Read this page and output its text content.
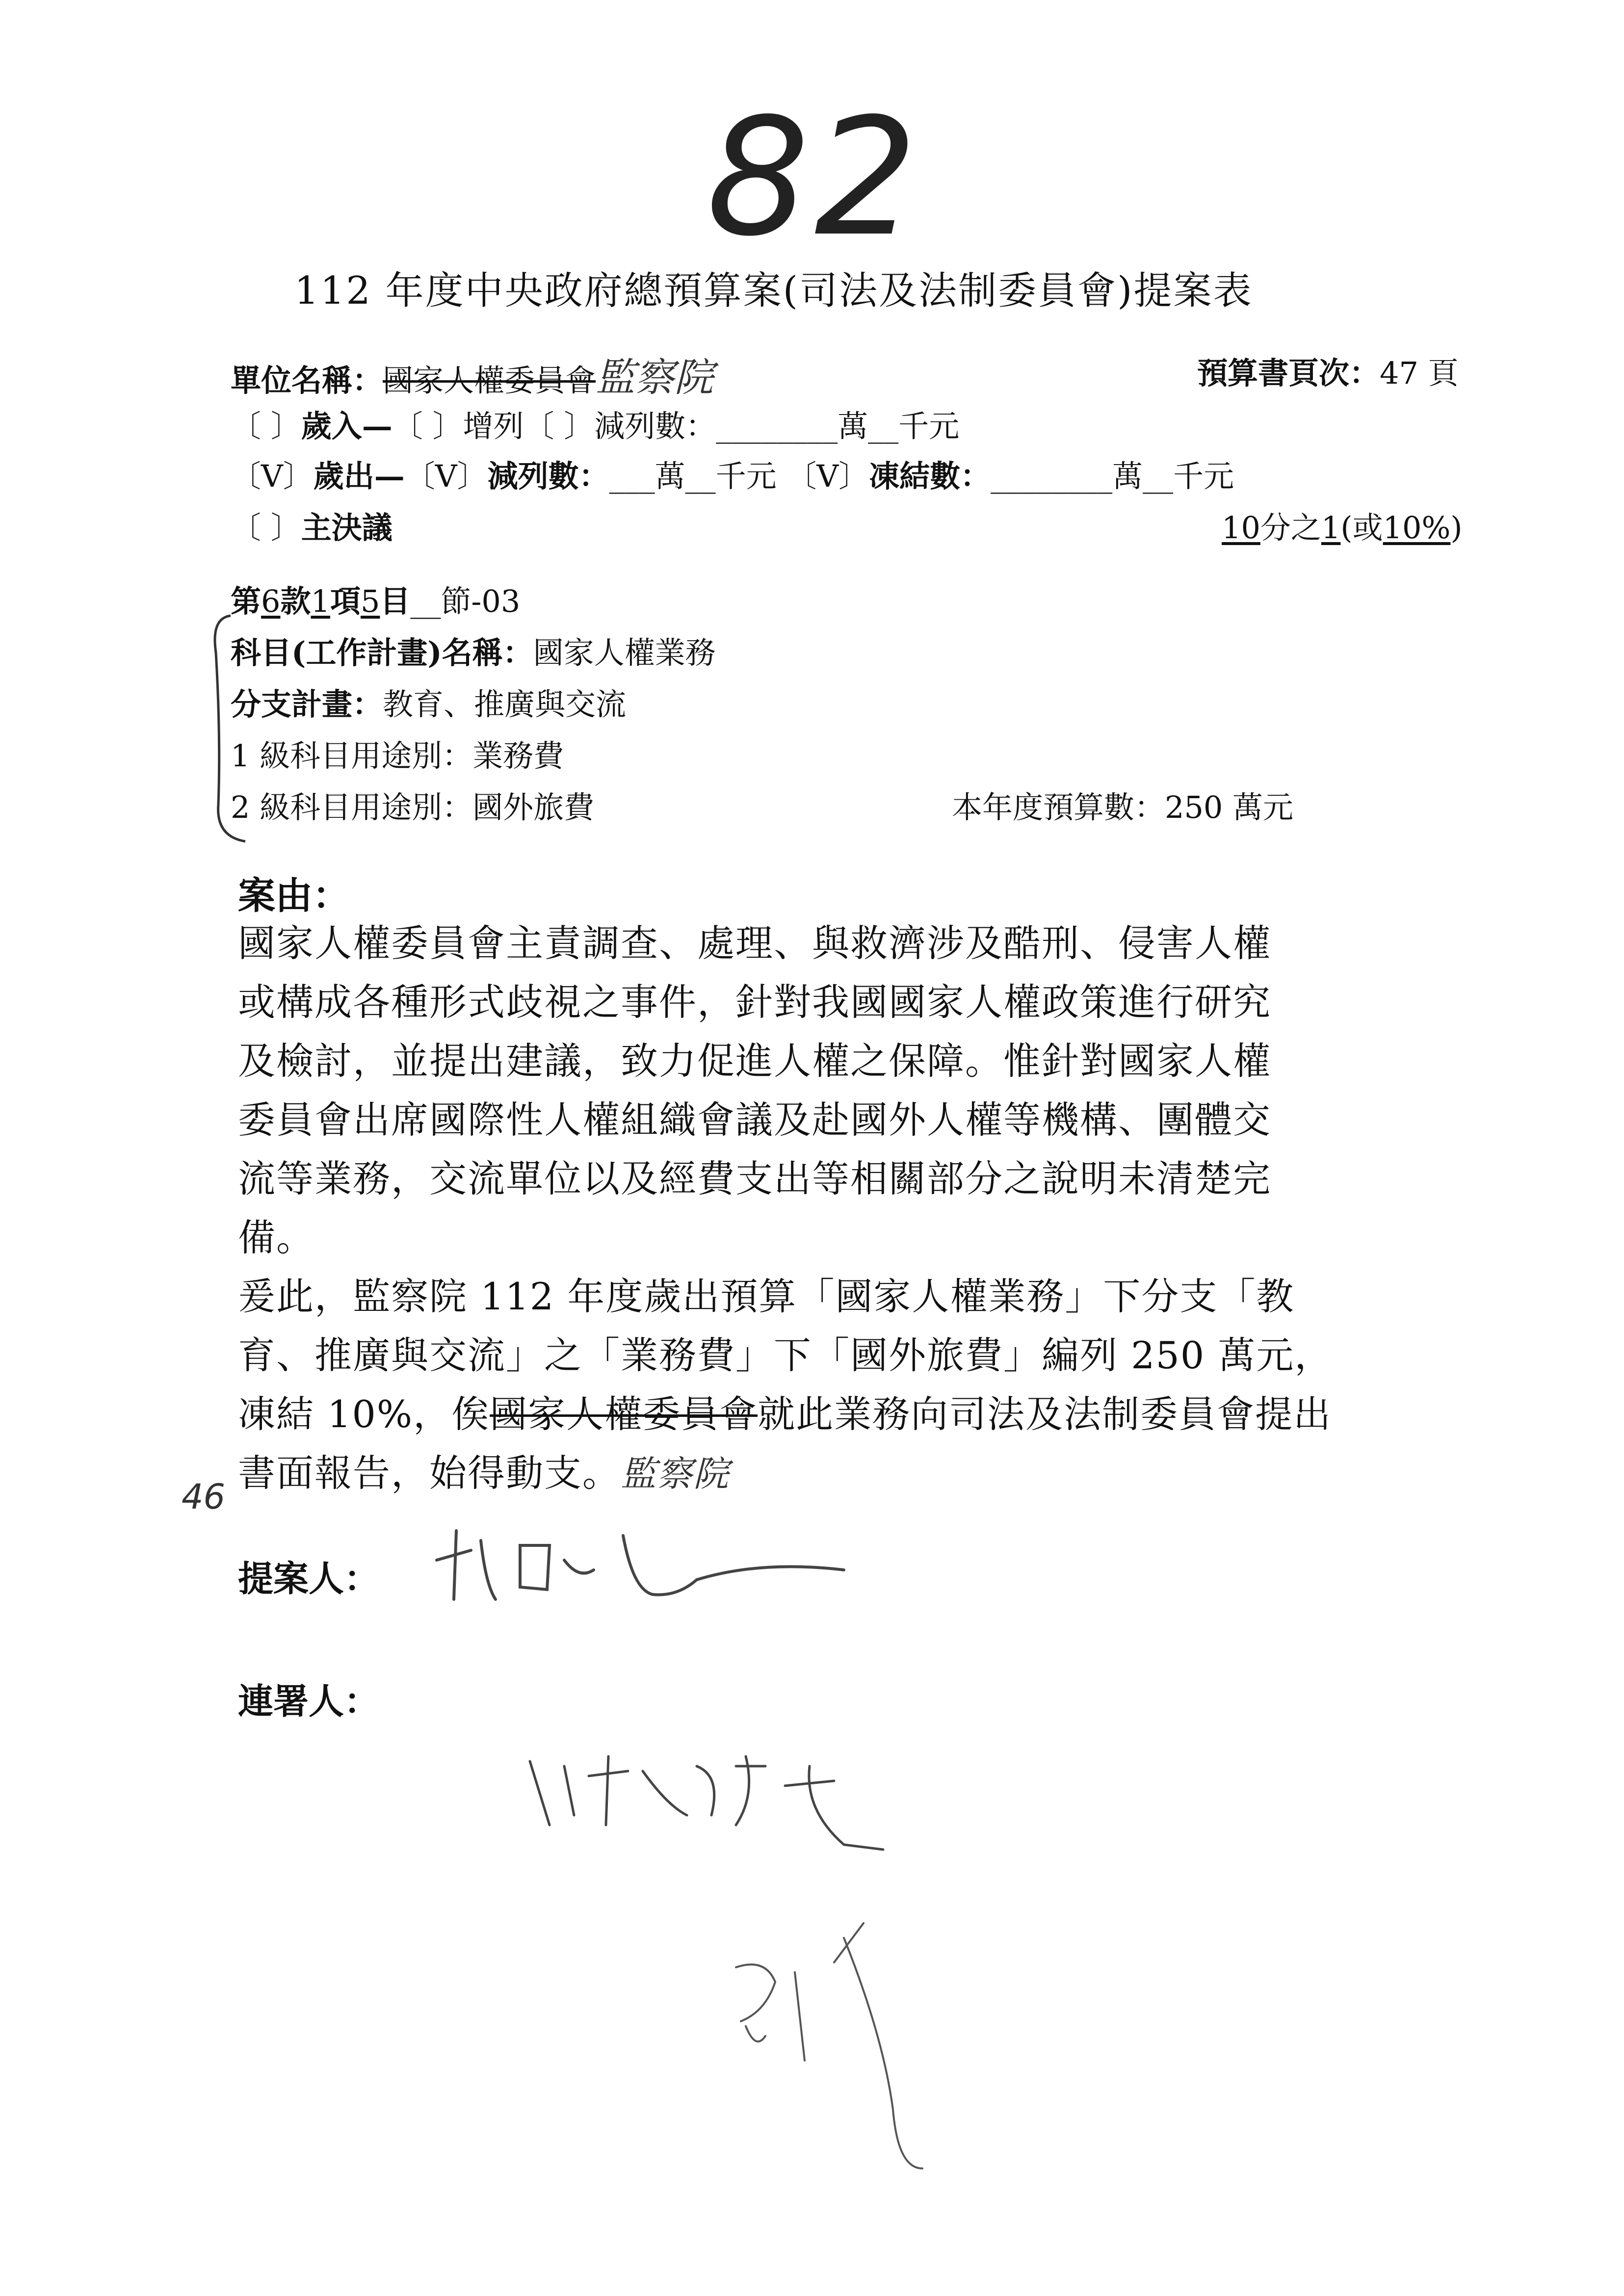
82
112 年度中央政府總預算案(司法及法制委員會)提案表
單位名稱：國家人權委員會監察院	預算書頁次：47 頁
〔 〕歲入—〔 〕增列〔 〕減列數：________萬__千元
〔V〕歲出—〔V〕減列數：___萬__千元 〔V〕凍結數：________萬__千元
〔 〕主決議	10分之1(或10%)
第6款1項5目__節-03
科目(工作計畫)名稱：國家人權業務
分支計畫：教育、推廣與交流
1 級科目用途別：業務費
2 級科目用途別：國外旅費	本年度預算數：250 萬元
案由：
國家人權委員會主責調查、處理、與救濟涉及酷刑、侵害人權
或構成各種形式歧視之事件，針對我國國家人權政策進行研究
及檢討，並提出建議，致力促進人權之保障。惟針對國家人權
委員會出席國際性人權組織會議及赴國外人權等機構、團體交
流等業務，交流單位以及經費支出等相關部分之說明未清楚完
備。
爰此，監察院 112 年度歲出預算「國家人權業務」下分支「教
育、推廣與交流」之「業務費」下「國外旅費」編列 250 萬元，
凍結 10%，俟國家人權委員會就此業務向司法及法制委員會提出
書面報告，始得動支。監察院
46
提案人：
連署人：
